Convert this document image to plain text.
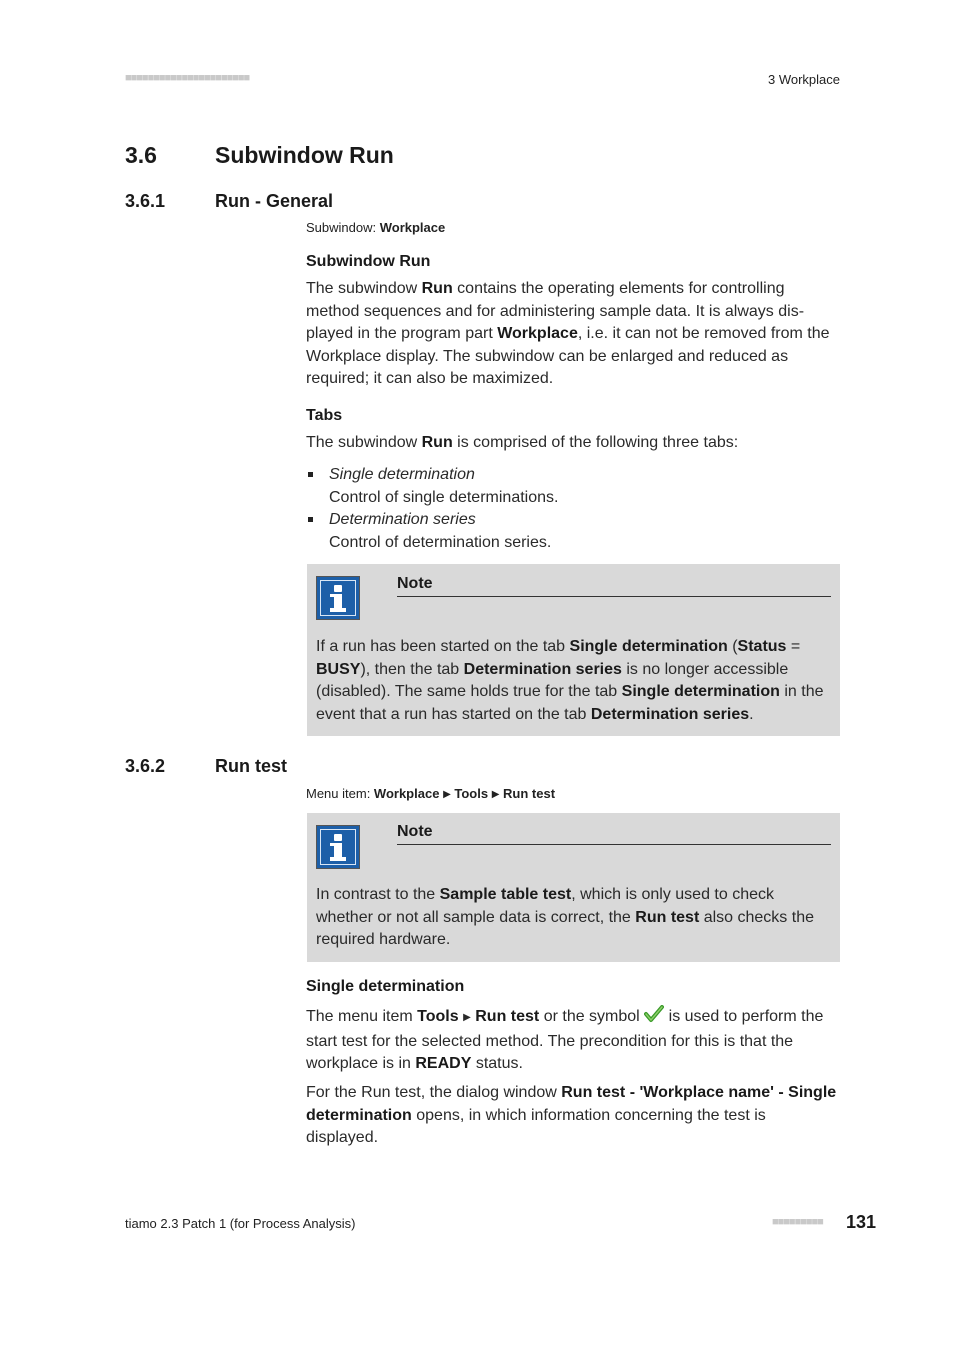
■■■■■■■■■■■■■■■■■■■■■■	3 Workplace
3.6	Subwindow Run
3.6.1	Run - General
Subwindow: Workplace
Subwindow Run
The subwindow Run contains the operating elements for controlling method sequences and for administering sample data. It is always dis-played in the program part Workplace, i.e. it can not be removed from the Workplace display. The subwindow can be enlarged and reduced as required; it can also be maximized.
Tabs
The subwindow Run is comprised of the following three tabs:
Single determination
Control of single determinations.
Determination series
Control of determination series.
Note
If a run has been started on the tab Single determination (Status = BUSY), then the tab Determination series is no longer accessible (disabled). The same holds true for the tab Single determination in the event that a run has started on the tab Determination series.
3.6.2	Run test
Menu item: Workplace ▶ Tools ▶ Run test
Note
In contrast to the Sample table test, which is only used to check whether or not all sample data is correct, the Run test also checks the required hardware.
Single determination
The menu item Tools ▶ Run test or the symbol  is used to perform the start test for the selected method. The precondition for this is that the workplace is in READY status.
For the Run test, the dialog window Run test - 'Workplace name' - Single determination opens, in which information concerning the test is displayed.
tiamo 2.3 Patch 1 (for Process Analysis)	■■■■■■■■■ 131
